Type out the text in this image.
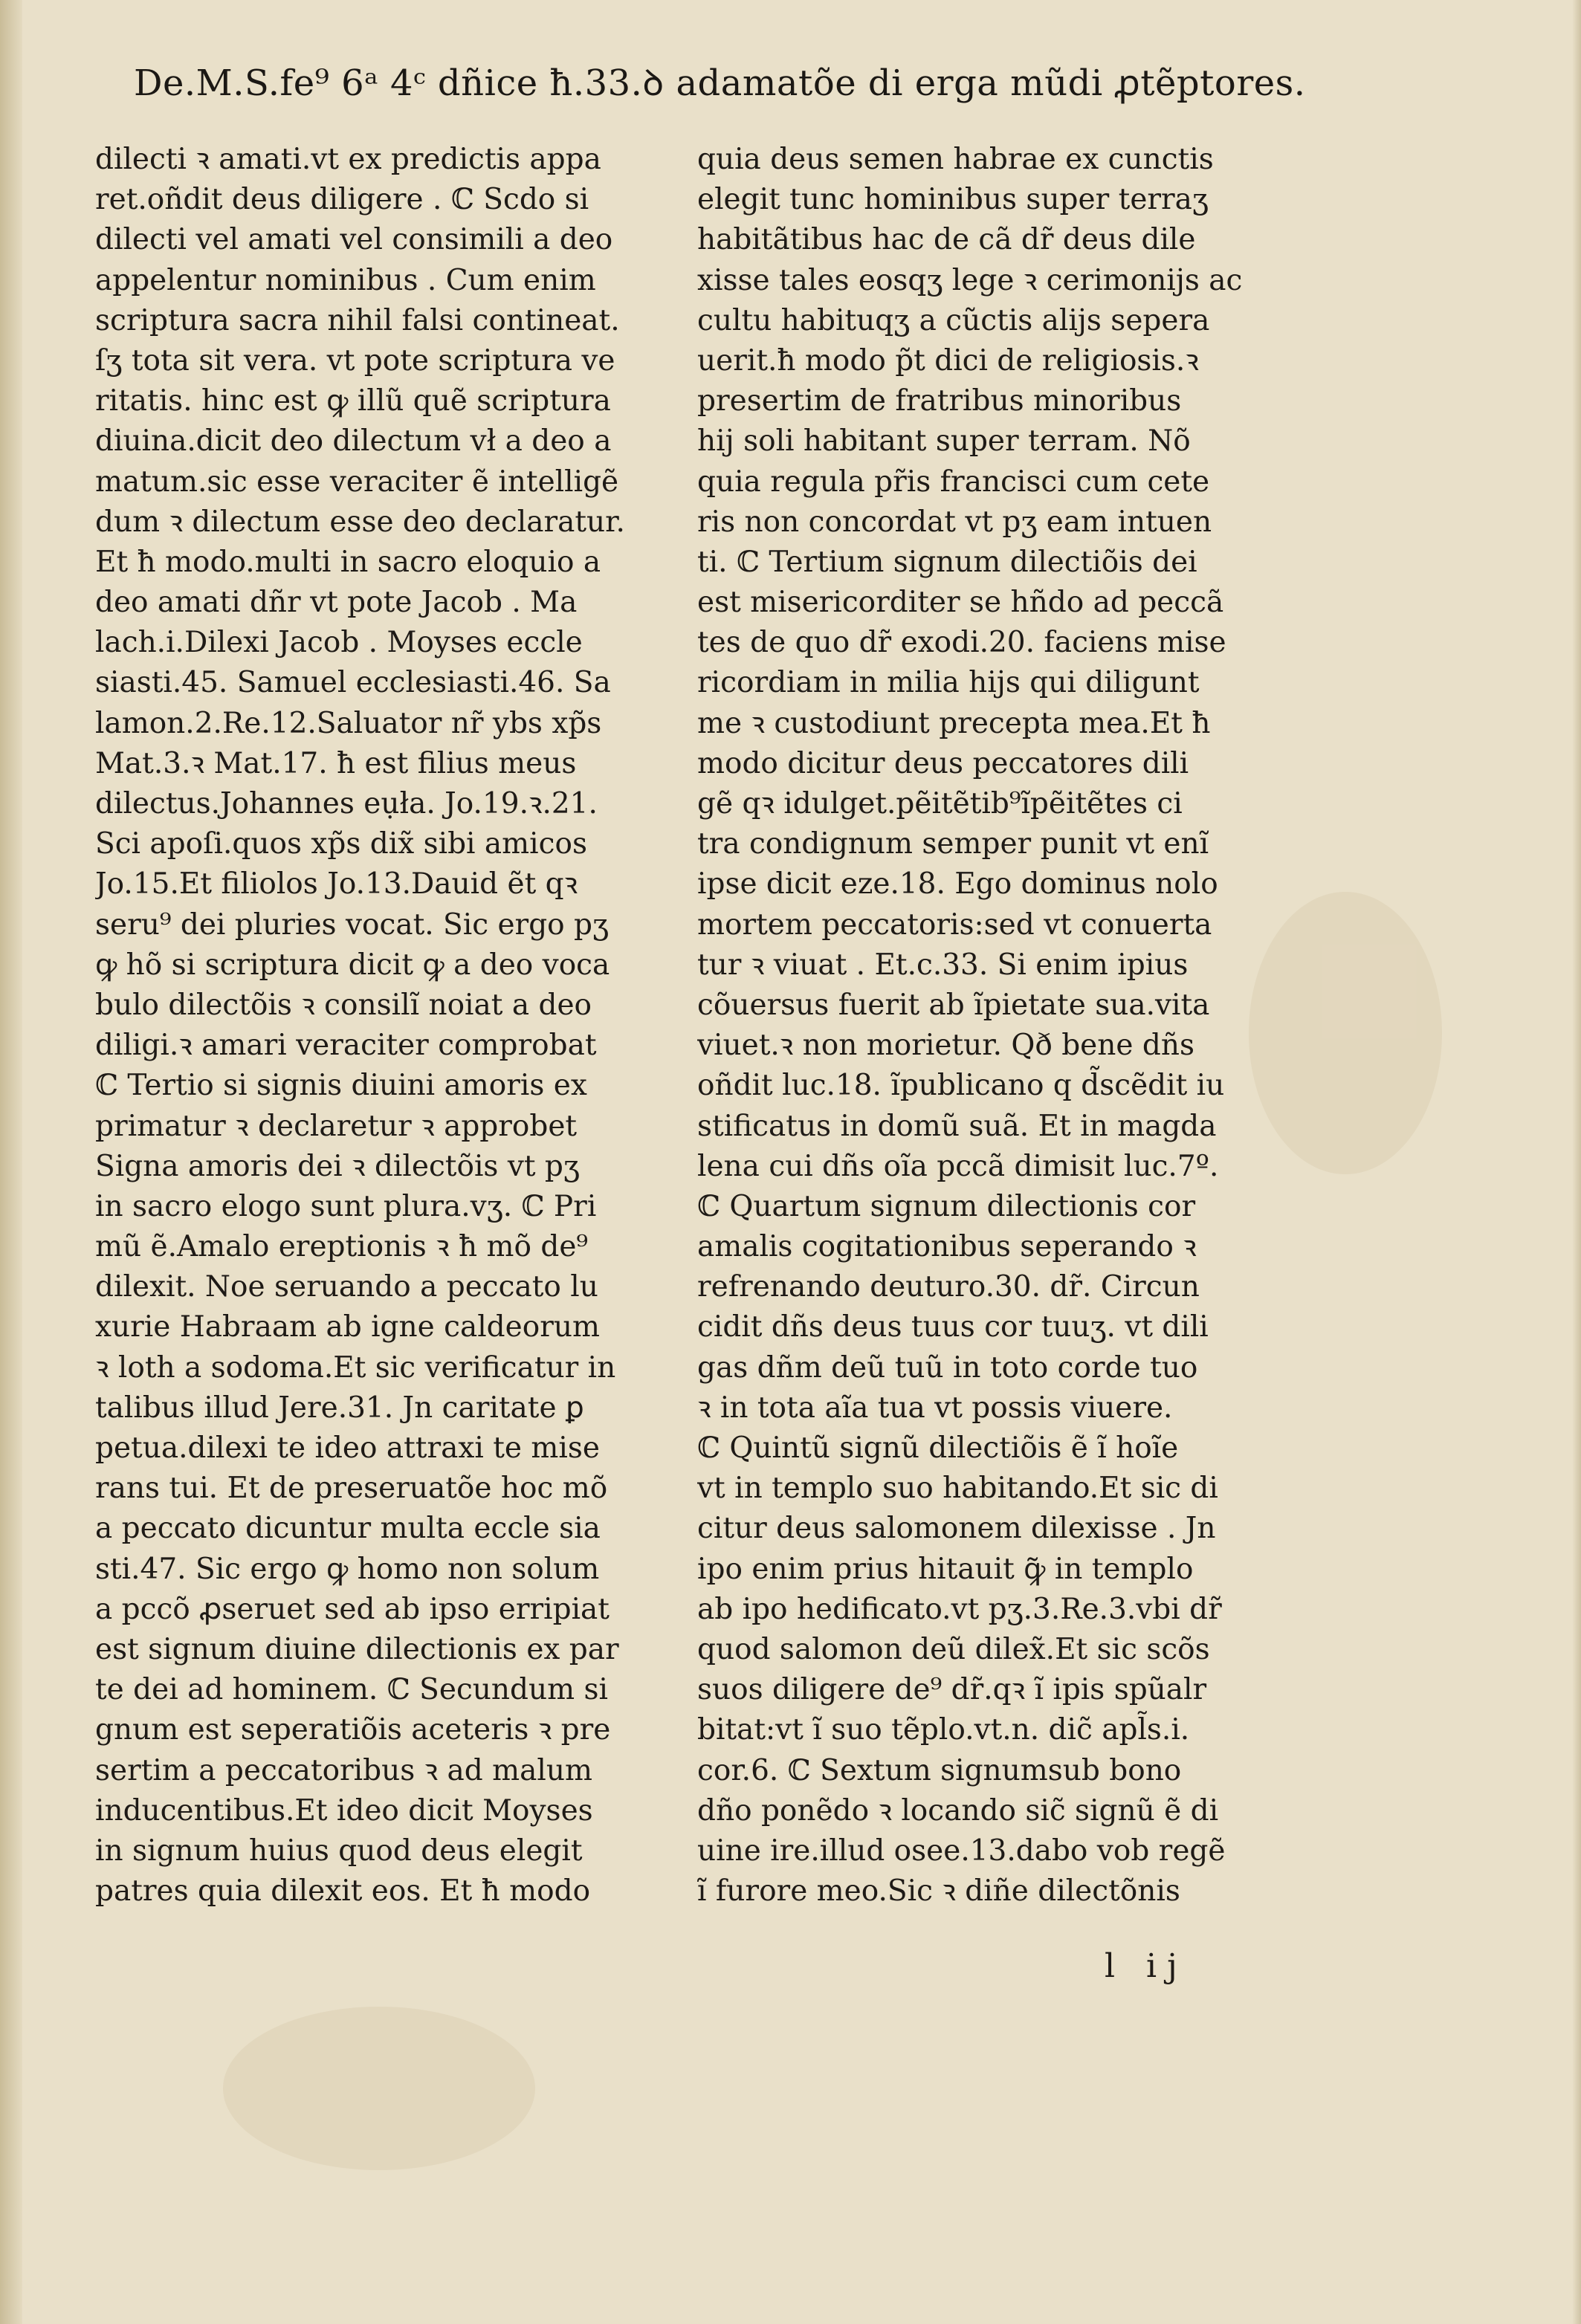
De.M.S.fe⁹ 6ᵃ 4ᶜ dñice ħ.33.ꝺ adamatõe di erga mũdi ꝓtẽptores.
dilecti ꝛ amati.vt ex predictis appa
ret.oñdit deus diligere . ℂ Scdo si
dilecti vel amati vel consimili a deo
appelentur nominibus . Cum enim
scriptura sacra nihil falsi contineat.
ſʒ tota sit vera. vt pote scriptura ve
ritatis. hinc est ꝙ illũ quẽ scriptura
diuina.dicit deo dilectum vł a deo a
matum.sic esse veraciter ẽ intelligẽ
dum ꝛ dilectum esse deo declaratur.
Et ħ modo.multi in sacro eloquio a
deo amati dñr vt pote Jacob . Ma
lach.i.Dilexi Jacob . Moyses eccle
siasti.45. Samuel ecclesiasti.46. Sa
lamon.2.Re.12.Saluator nr̃ ybs xp̃s
Mat.3.ꝛ Mat.17. ħ est filius meus
dilectus.Johannes eụła. Jo.19.ꝛ.21.
Sci apoſi.quos xp̃s dix̃ sibi amicos
Jo.15.Et filiolos Jo.13.Dauid ẽt qꝛ
seru⁹ dei pluries vocat. Sic ergo pʒ
ꝙ hõ si scriptura dicit ꝙ a deo voca
bulo dilectõis ꝛ consilĩ noiat a deo
diligi.ꝛ amari veraciter comprobat
ℂ Tertio si signis diuini amoris ex
primatur ꝛ declaretur ꝛ approbet
Signa amoris dei ꝛ dilectõis vt pʒ
in sacro elogo sunt plura.vʒ. ℂ Pri
mũ ẽ.Amalo ereptionis ꝛ ħ mõ de⁹
dilexit. Noe seruando a peccato lu
xurie Habraam ab igne caldeorum
ꝛ loth a sodoma.Et sic verificatur in
talibus illud Jere.31. Jn caritate ꝑ
petua.dilexi te ideo attraxi te mise
rans tui. Et de preseruatõe hoc mõ
a peccato dicuntur multa eccle sia
sti.47. Sic ergo ꝙ homo non solum
a pccõ ꝓseruet sed ab ipso erripiat
est signum diuine dilectionis ex par
te dei ad hominem. ℂ Secundum si
gnum est seperatiõis aceteris ꝛ pre
sertim a peccatoribus ꝛ ad malum
inducentibus.Et ideo dicit Moyses
in signum huius quod deus elegit
patres quia dilexit eos. Et ħ modo
quia deus semen habrae ex cunctis
elegit tunc hominibus super terraʒ
habitãtibus hac de cã dr̃ deus dile
xisse tales eosqʒ lege ꝛ cerimonijs ac
cultu habituqʒ a cũctis alijs sepera
uerit.ħ modo p̃t dici de religiosis.ꝛ
presertim de fratribus minoribus
hij soli habitant super terram. Nõ
quia regula pr̃is francisci cum cete
ris non concordat vt pʒ eam intuen
ti. ℂ Tertium signum dilectiõis dei
est misericorditer se hñdo ad peccã
tes de quo dr̃ exodi.20. faciens mise
ricordiam in milia hijs qui diligunt
me ꝛ custodiunt precepta mea.Et ħ
modo dicitur deus peccatores dili
gẽ qꝛ idulget.pẽitẽtib⁹ĩpẽitẽtes ci
tra condignum semper punit vt enĩ
ipse dicit eze.18. Ego dominus nolo
mortem peccatoris:sed vt conuerta
tur ꝛ viuat . Et.c.33. Si enim ipius
cõuersus fuerit ab ĩpietate sua.vita
viuet.ꝛ non morietur. Qð bene dñs
oñdit luc.18. ĩpublicano q d̃scẽdit iu
stificatus in domũ suã. Et in magda
lena cui dñs oĩa pccã dimisit luc.7º.
ℂ Quartum signum dilectionis cor
amalis cogitationibus seperando ꝛ
refrenando deuturo.30. dr̃. Circun
cidit dñs deus tuus cor tuuʒ. vt dili
gas dñm deũ tuũ in toto corde tuo
ꝛ in tota aĩa tua vt possis viuere.
ℂ Quintũ signũ dilectiõis ẽ ĩ hoĩe
vt in templo suo habitando.Et sic di
citur deus salomonem dilexisse . Jn
ipo enim prius hitauit ꝙ̃ in templo
ab ipo hedificato.vt pʒ.3.Re.3.vbi dr̃
quod salomon deũ dilex̃.Et sic scõs
suos diligere de⁹ dr̃.qꝛ ĩ ipis spũalr
bitat:vt ĩ suo tẽplo.vt.n. dic̃ apl̃s.i.
cor.6. ℂ Sextum signumsub bono
dño ponẽdo ꝛ locando sic̃ signũ ẽ di
uine ire.illud osee.13.dabo vob regẽ
ĩ furore meo.Sic ꝛ diñe dilectõnis
l ij
